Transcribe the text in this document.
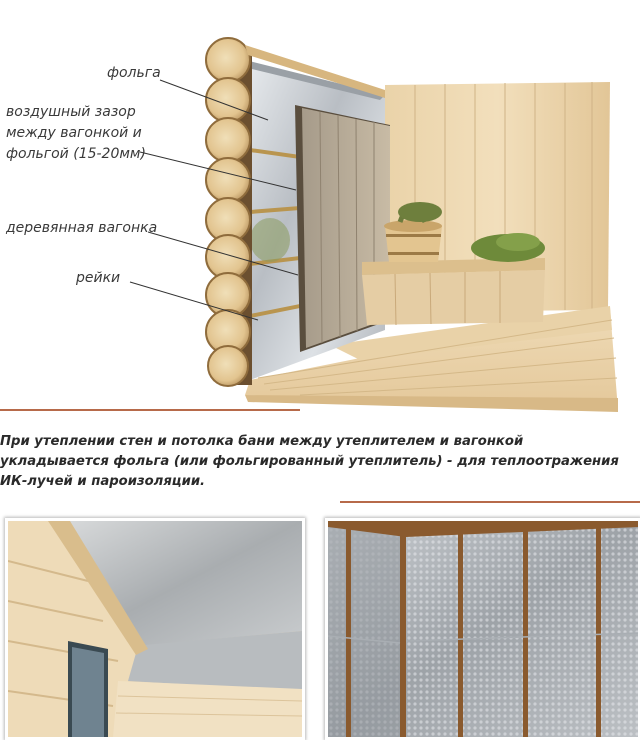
фольга
воздушный зазор
между вагонкой и
фольгой (15-20мм)
деревянная вагонка
рейки
При утеплении стен и потолка бани между утеплителем и вагонкой
укладывается фольга (или фольгированный утеплитель) - для теплоотражения
ИК-лучей и пароизоляции.
